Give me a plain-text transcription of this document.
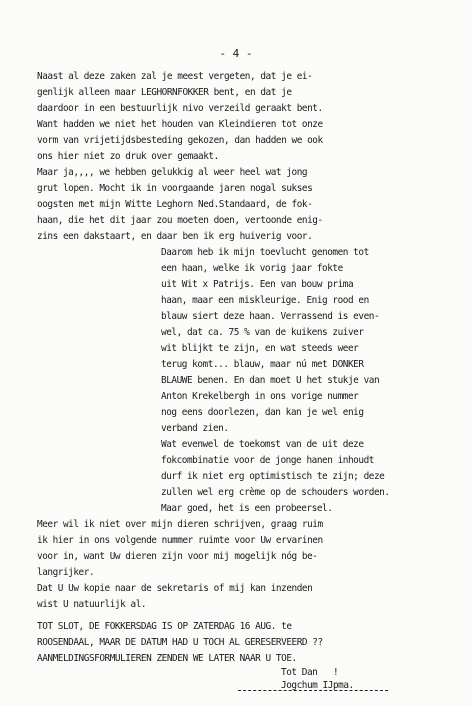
- 4 -
Naast al deze zaken zal je meest vergeten, dat je ei-
genlijk alleen maar LEGHORNFOKKER bent, en dat je
daardoor in een bestuurlijk nivo verzeild geraakt bent.
Want hadden we niet het houden van Kleindieren tot onze
vorm van vrijetijdsbesteding gekozen, dan hadden we ook
ons hier niet zo druk over gemaakt.
Maar ja,,,, we hebben gelukkig al weer heel wat jong
grut lopen. Mocht ik in voorgaande jaren nogal sukses
oogsten met mijn Witte Leghorn Ned.Standaard, de fok-
haan, die het dit jaar zou moeten doen, vertoonde enig-
zins een dakstaart, en daar ben ik erg huiverig voor.
Daarom heb ik mijn toevlucht genomen tot
een haan, welke ik vorig jaar fokte
uit Wit x Patrijs. Een van bouw prima
haan, maar een miskleurige. Enig rood en
blauw siert deze haan. Verrassend is even-
wel, dat ca. 75 % van de kuikens zuiver
wit blijkt te zijn, en wat steeds weer
terug komt... blauw, maar nú met DONKER
BLAUWE benen. En dan moet U het stukje van
Anton Krekelbergh in ons vorige nummer
nog eens doorlezen, dan kan je wel enig
verband zien.
Wat evenwel de toekomst van de uit deze
fokcombinatie voor de jonge hanen inhoudt
durf ik niet erg optimistisch te zijn; deze
zullen wel erg crème op de schouders worden.
Maar goed, het is een probeersel.
Meer wil ik niet over mijn dieren schrijven, graag ruim
ik hier in ons volgende nummer ruimte voor Uw ervarinen
voor in, want Uw dieren zijn voor mij mogelijk nóg be-
langrijker.
Dat U Uw kopie naar de sekretaris of mij kan inzenden
wist U natuurlijk al.
TOT SLOT, DE FOKKERSDAG IS OP ZATERDAG 16 AUG. te
ROOSENDAAL, MAAR DE DATUM HAD U TOCH AL GERESERVEERD ??
AANMELDINGSFORMULIEREN ZENDEN WE LATER NAAR U TOE.
Tot Dan   !
Jogchum IJpma.
